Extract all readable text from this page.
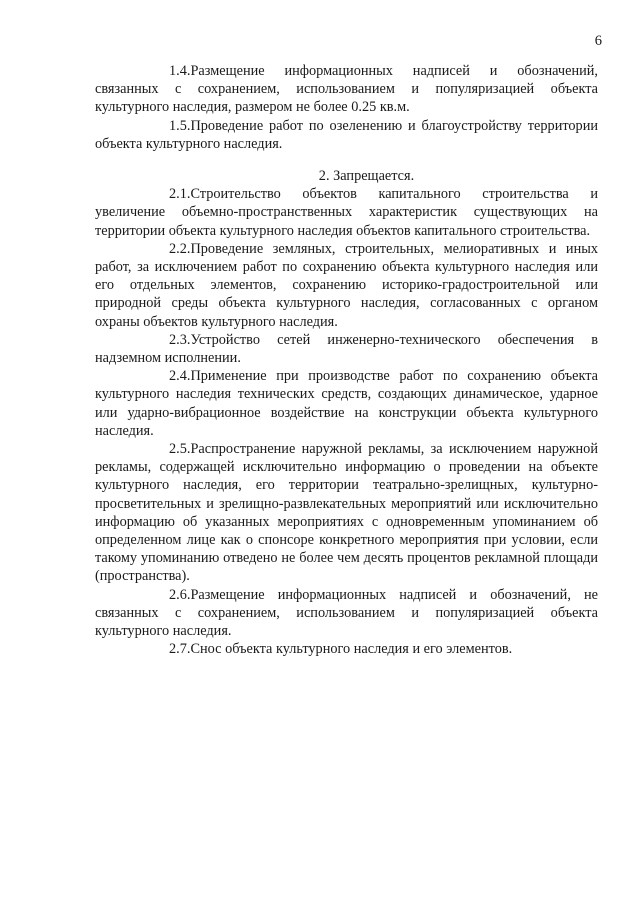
6

1.4.Размещение информационных надписей и обозначений, связанных с сохранением, использованием и популяризацией объекта культурного наследия, размером не более 0.25 кв.м.

1.5.Проведение работ по озеленению и благоустройству территории объекта культурного наследия.

2. Запрещается.

2.1.Строительство объектов капитального строительства и увеличение объемно-пространственных характеристик существующих на территории объекта культурного наследия объектов капитального строительства.

2.2.Проведение земляных, строительных, мелиоративных и иных работ, за исключением работ по сохранению объекта культурного наследия или его отдельных элементов, сохранению историко-градостроительной или природной среды объекта культурного наследия, согласованных с органом охраны объектов культурного наследия.

2.3.Устройство сетей инженерно-технического обеспечения в надземном исполнении.

2.4.Применение при производстве работ по сохранению объекта культурного наследия технических средств, создающих динамическое, ударное или ударно-вибрационное воздействие на конструкции объекта культурного наследия.

2.5.Распространение наружной рекламы, за исключением наружной рекламы, содержащей исключительно информацию о проведении на объекте культурного наследия, его территории театрально-зрелищных, культурно-просветительных и зрелищно-развлекательных мероприятий или исключительно информацию об указанных мероприятиях с одновременным упоминанием об определенном лице как о спонсоре конкретного мероприятия при условии, если такому упоминанию отведено не более чем десять процентов рекламной площади (пространства).

2.6.Размещение информационных надписей и обозначений, не связанных с сохранением, использованием и популяризацией объекта культурного наследия.

2.7.Снос объекта культурного наследия и его элементов.
